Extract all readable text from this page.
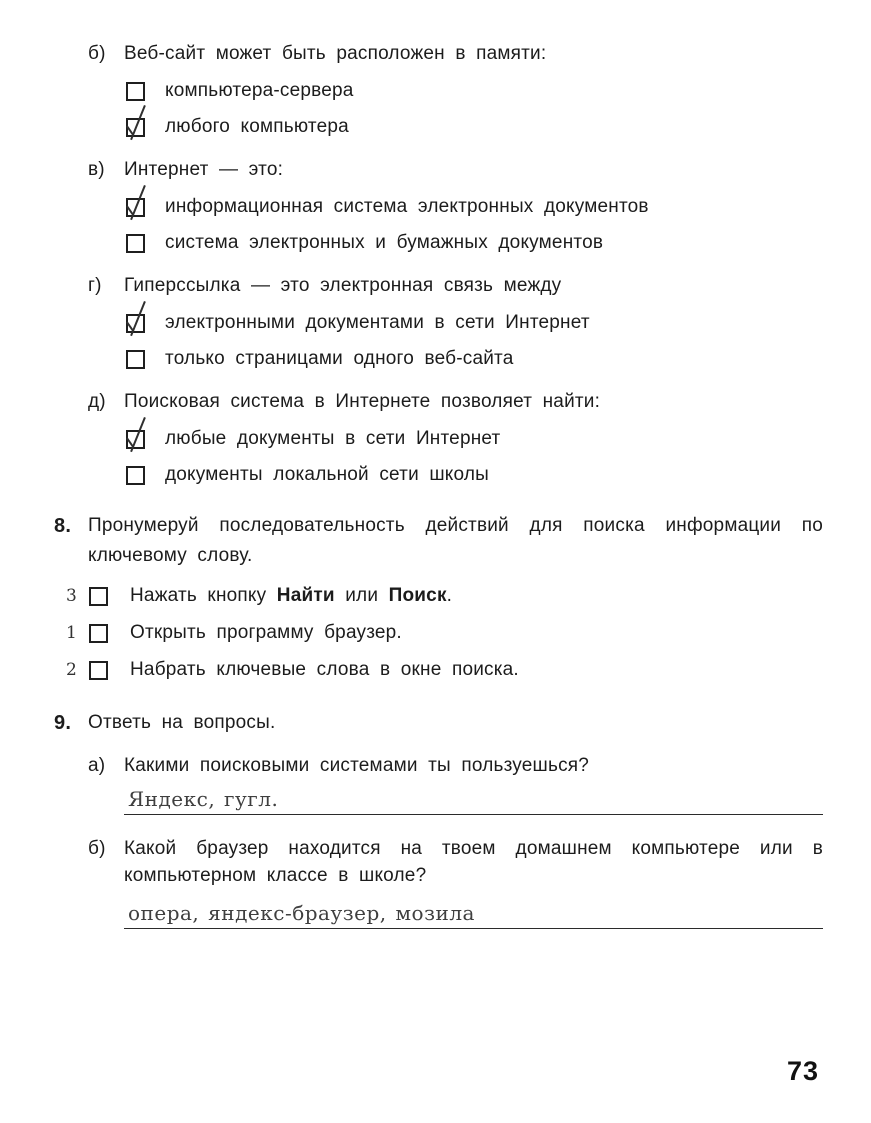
б) Веб-сайт может быть расположен в памяти:
компьютера-сервера
любого компьютера
в)	Интернет — это:
информационная система электронных документов
система электронных и бумажных документов
г)	Гиперссылка — это электронная связь между
электронными документами в сети Интернет
только страницами одного веб-сайта
д) Поисковая система в Интернете позволяет найти:
любые документы в сети Интернет
документы локальной сети школы
8. Пронумеруй последовательность действий для поиска информации по ключевому слову.
3	Нажать кнопку Найти или Поиск.
1	Открыть программу браузер.
2	Набрать ключевые слова в окне поиска.
9. Ответь на вопросы.
а) Какими поисковыми системами ты пользуешься?
Яндекс, гугл.
б) Какой браузер находится на твоем домашнем компьютере или в компьютерном классе в школе?
опера, яндекс-браузер, мозила
73
